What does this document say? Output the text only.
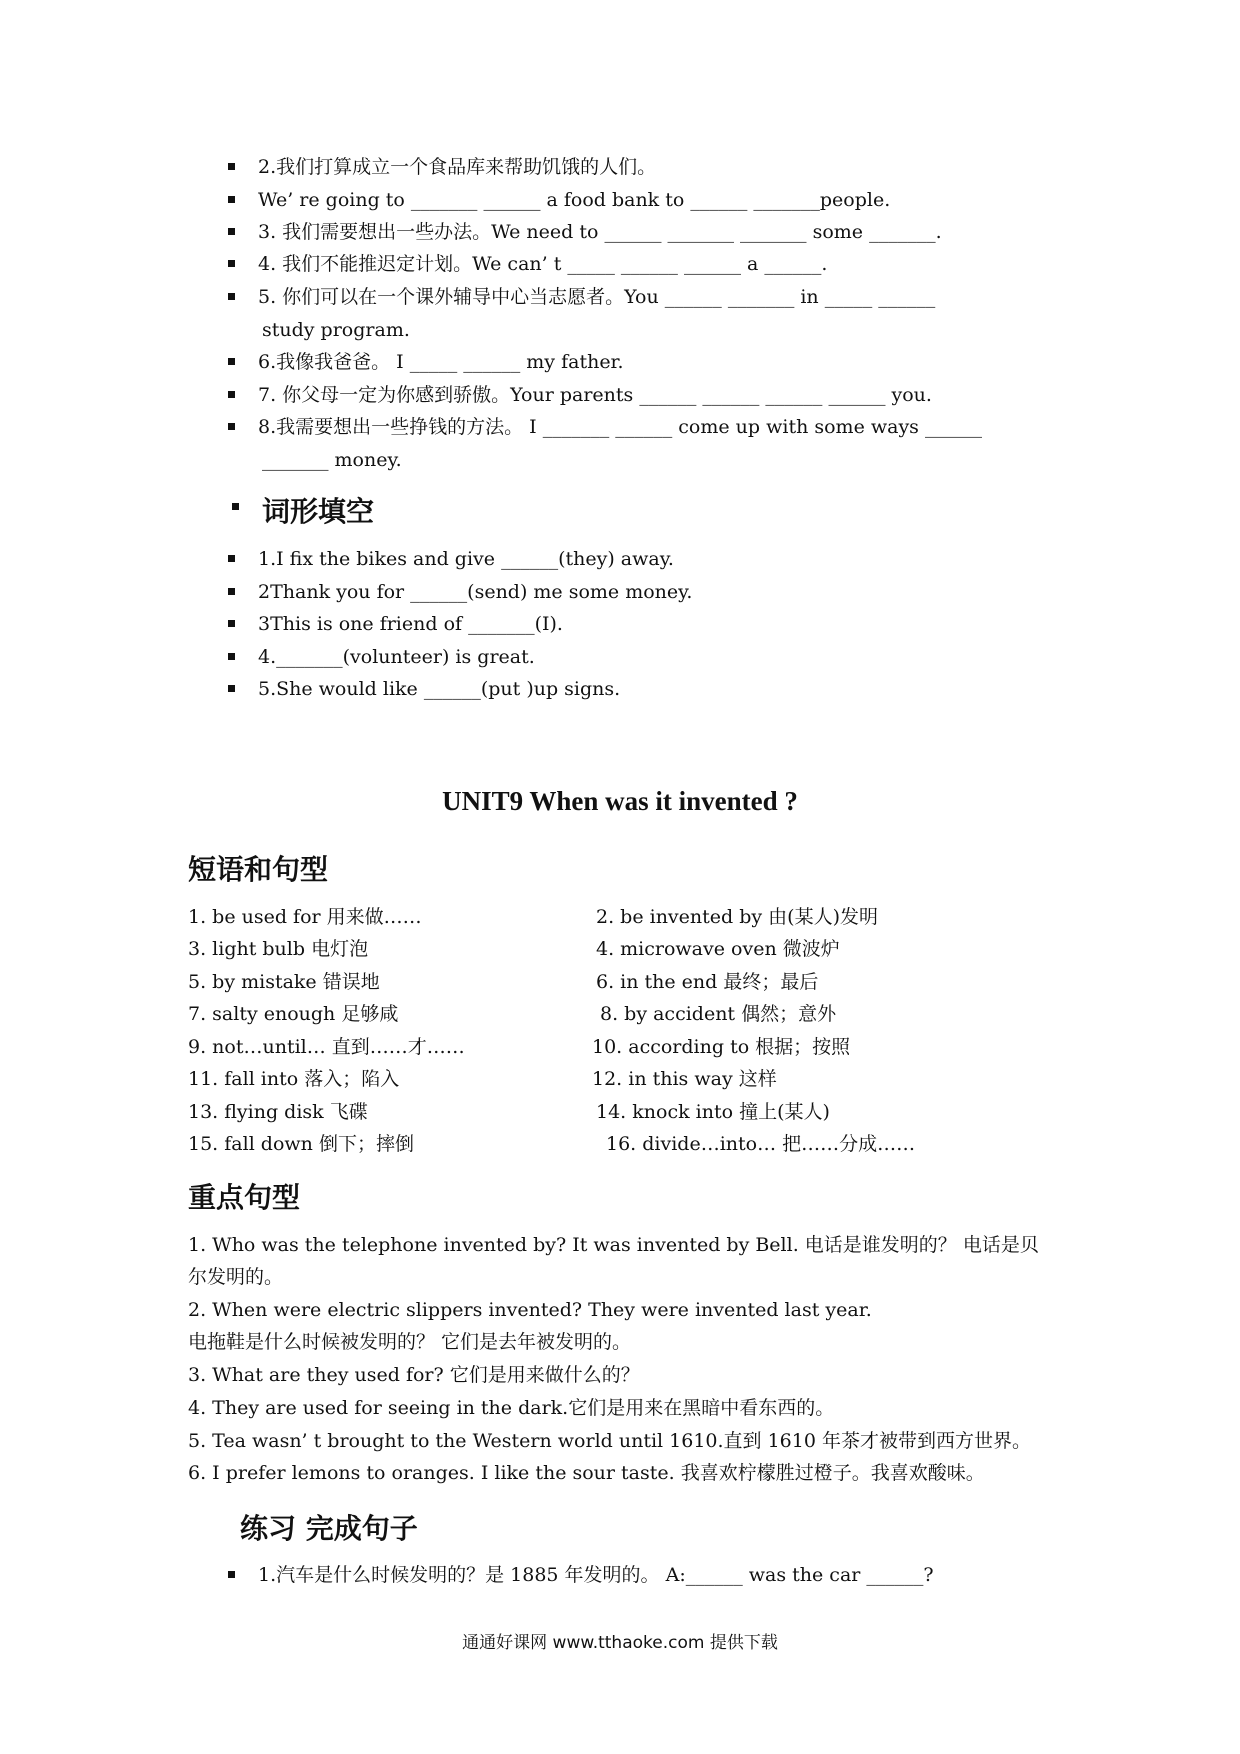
2.我们打算成立一个食品库来帮助饥饿的人们。
We’ re going to _______ ______ a food bank to ______ _______people.
3. 我们需要想出一些办法。We need to ______ _______ _______ some _______.
4. 我们不能推迟定计划。We can’ t _____ ______ ______ a ______.
5. 你们可以在一个课外辅导中心当志愿者。You ______ _______ in _____ ______
study program.
6.我像我爸爸。 I _____ ______ my father.
7. 你父母一定为你感到骄傲。Your parents ______ ______ ______ ______ you.
8.我需要想出一些挣钱的方法。 I _______ ______ come up with some ways ______
_______ money.
词形填空
1.I fix the bikes and give ______(they) away.
2Thank you for ______(send) me some money.
3This is one friend of _______(I).
4._______(volunteer) is great.
5.She would like ______(put )up signs.
UNIT9 When was it invented ?
短语和句型
1. be used for 用来做……
3. light bulb 电灯泡
5. by mistake 错误地
7. salty enough 足够咸
9. not…until… 直到……才……
11. fall into 落入；陷入
13. flying disk 飞碟
15. fall down 倒下；摔倒
2. be invented by 由(某人)发明
4. microwave oven 微波炉
6. in the end 最终；最后
8. by accident 偶然；意外
10. according to 根据；按照
12. in this way 这样
14. knock into 撞上(某人)
16. divide…into… 把……分成……
重点句型
1. Who was the telephone invented by? It was invented by Bell. 电话是谁发明的？ 电话是贝
尔发明的。
2. When were electric slippers invented? They were invented last year.
电拖鞋是什么时候被发明的？ 它们是去年被发明的。
3. What are they used for? 它们是用来做什么的？
4. They are used for seeing in the dark.它们是用来在黑暗中看东西的。
5. Tea wasn’ t brought to the Western world until 1610.直到 1610 年茶才被带到西方世界。
6. I prefer lemons to oranges. I like the sour taste. 我喜欢柠檬胜过橙子。我喜欢酸味。
练习 完成句子
1.汽车是什么时候发明的？是 1885 年发明的。 A:______ was the car ______?
通通好课网 www.tthaoke.com 提供下载
